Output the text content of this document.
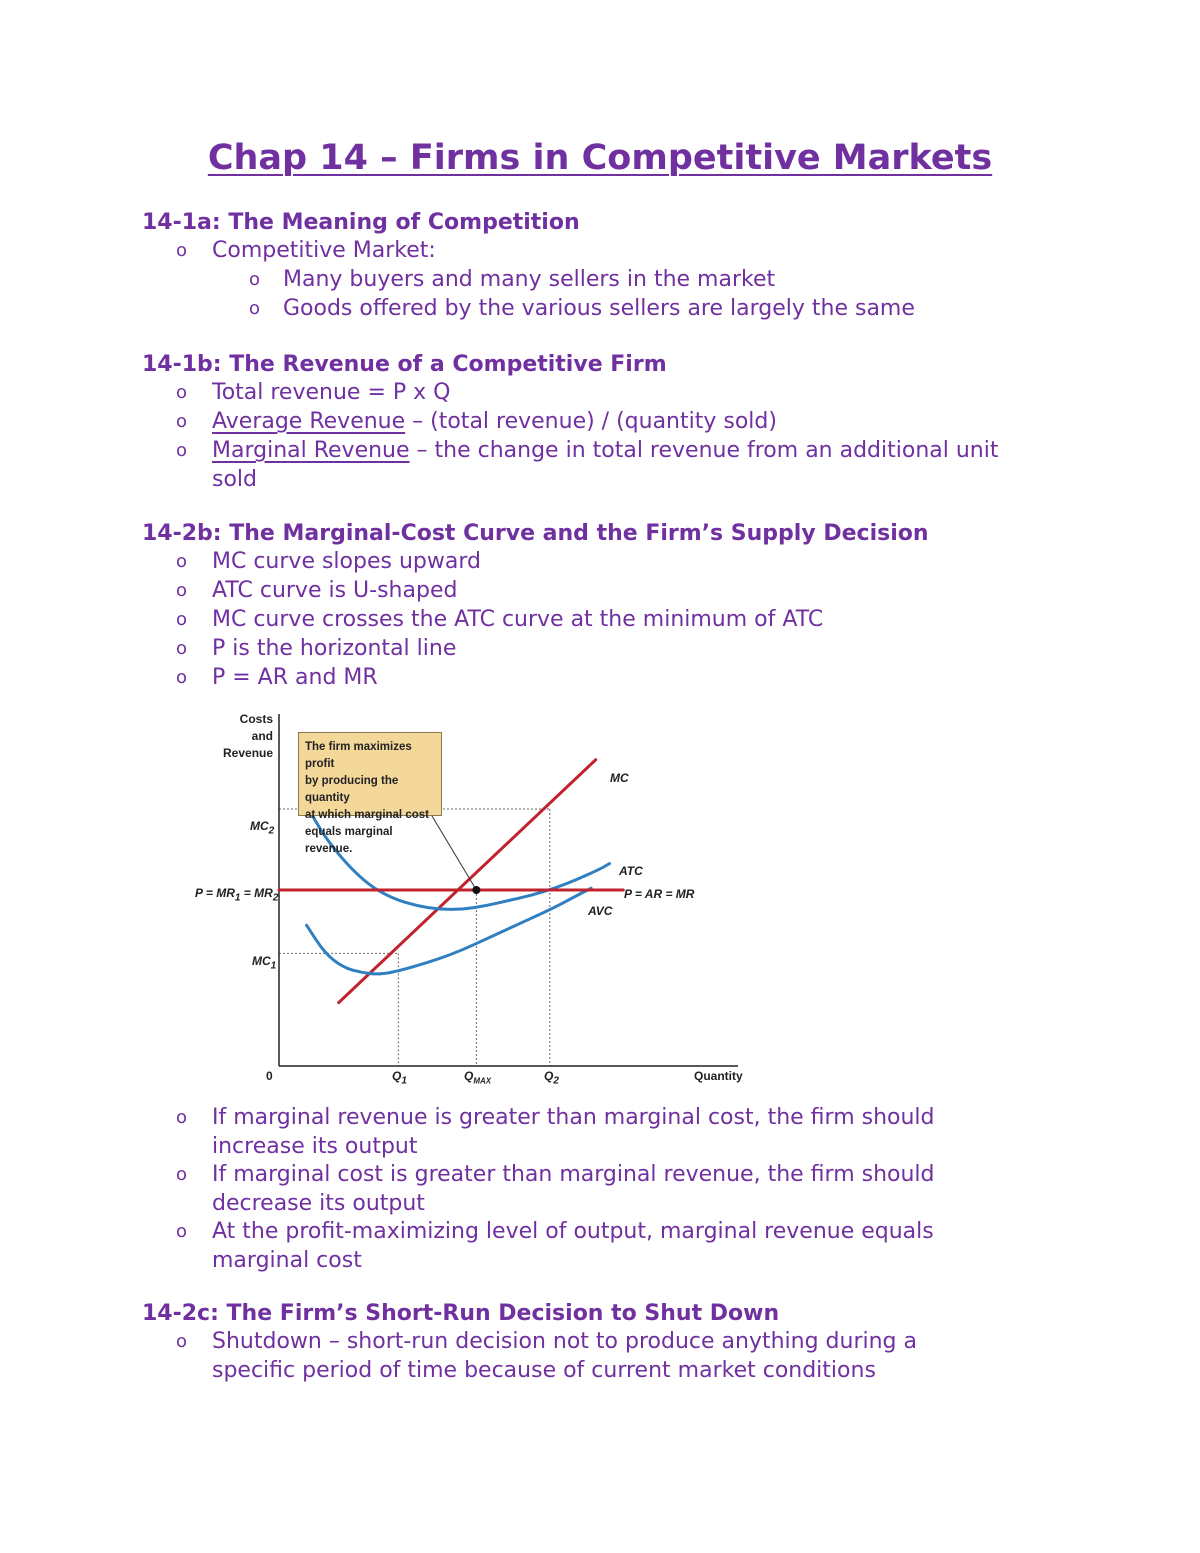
Chap 14 – Firms in Competitive Markets
14-1a: The Meaning of Competition
o Competitive Market:
o Many buyers and many sellers in the market
o Goods offered by the various sellers are largely the same
14-1b: The Revenue of a Competitive Firm
o Total revenue = P x Q
o Average Revenue – (total revenue) / (quantity sold)
o Marginal Revenue – the change in total revenue from an additional unit
sold
14-2b: The Marginal-Cost Curve and the Firm’s Supply Decision
o MC curve slopes upward
o ATC curve is U-shaped
o MC curve crosses the ATC curve at the minimum of ATC
o P is the horizontal line
o P = AR and MR
Costs
and
Revenue	The firm maximizes profit
by producing the quantity
at which marginal cost
equals marginal revenue.
$MC_2$
$P = MR_1 = MR_2$
$MC_1$
0	$Q_1$	$Q_{MAX}$	$Q_2$	Quantity
MC
ATC
AVC
P = AR = MR
o If marginal revenue is greater than marginal cost, the firm should
increase its output
o If marginal cost is greater than marginal revenue, the firm should
decrease its output
o At the profit-maximizing level of output, marginal revenue equals
marginal cost
14-2c: The Firm’s Short-Run Decision to Shut Down
o Shutdown – short-run decision not to produce anything during a
specific period of time because of current market conditions
